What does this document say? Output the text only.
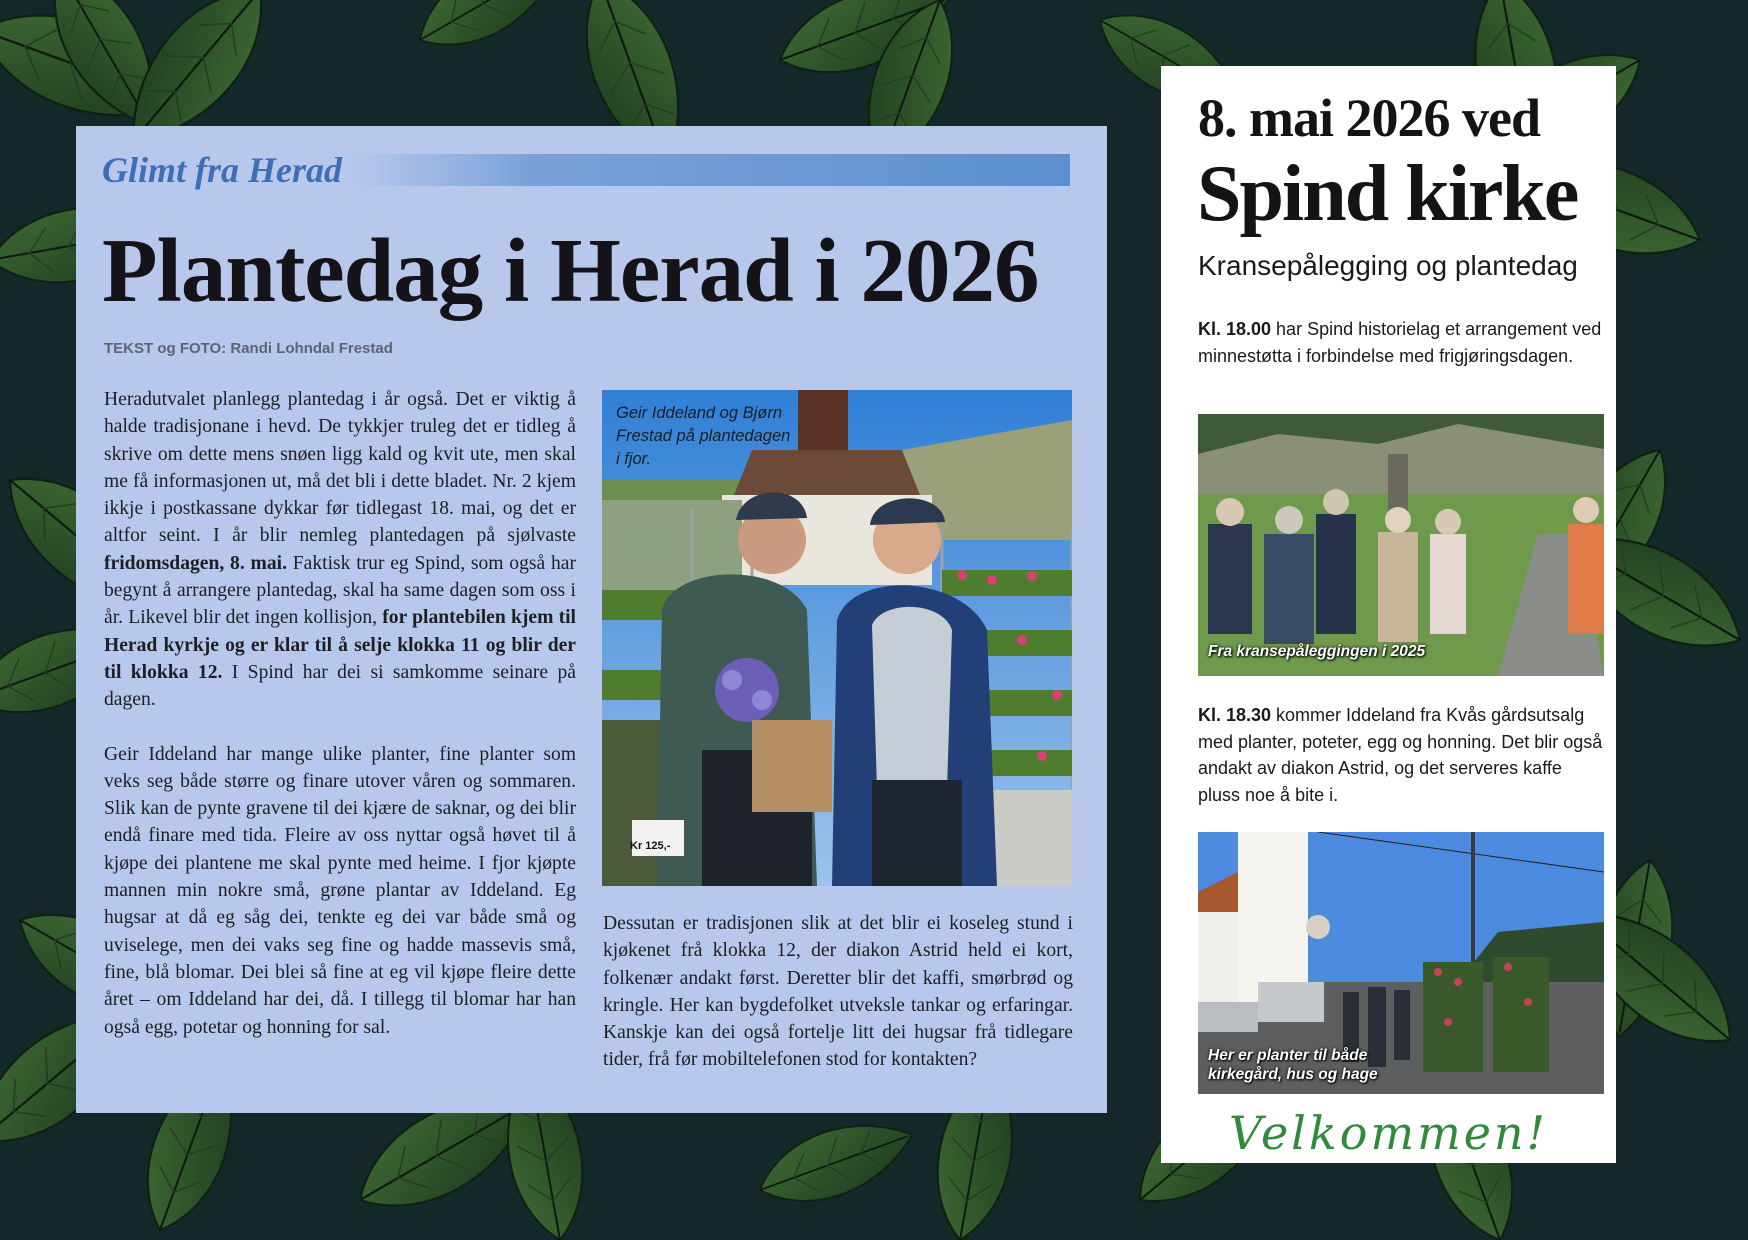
Glimt fra Herad
Plantedag i Herad i 2026
TEKST og FOTO: Randi Lohndal Frestad

Heradutvalet planlegg plantedag i år også. Det er viktig å halde tradisjonane i hevd. De tykkjer truleg det er tidleg å skrive om dette mens snøen ligg kald og kvit ute, men skal me få informasjonen ut, må det bli i dette bladet. Nr. 2 kjem ikkje i postkassane dykkar før tidlegast 18. mai, og det er altfor seint. I år blir nemleg plantedagen på sjølvaste fridomsdagen, 8. mai. Faktisk trur eg Spind, som også har begynt å arrangere plantedag, skal ha same dagen som oss i år. Likevel blir det ingen kollisjon, for plantebilen kjem til Herad kyrkje og er klar til å selje klokka 11 og blir der til klokka 12. I Spind har dei si samkomme seinare på dagen.

Geir Iddeland har mange ulike planter, fine planter som veks seg både større og finare utover våren og sommaren. Slik kan de pynte gravene til dei kjære de saknar, og dei blir endå finare med tida. Fleire av oss nyttar også høvet til å kjøpe dei plantene me skal pynte med heime. I fjor kjøpte mannen min nokre små, grøne plantar av Iddeland. Eg hugsar at då eg såg dei, tenkte eg dei var både små og uviselege, men dei vaks seg fine og hadde massevis små, fine, blå blomar. Dei blei så fine at eg vil kjøpe fleire dette året – om Iddeland har dei, då. I tillegg til blomar har han også egg, potetar og honning for sal.

Geir Iddeland og Bjørn Frestad på plantedagen i fjor.
Kr 125,-

Dessutan er tradisjonen slik at det blir ei koseleg stund i kjøkenet frå klokka 12, der diakon Astrid held ei kort, folkenær andakt først. Deretter blir det kaffi, smørbrød og kringle. Her kan bygdefolket utveksle tankar og erfaringar. Kanskje kan dei også fortelje litt dei hugsar frå tidlegare tider, frå før mobiltelefonen stod for kontakten?

8. mai 2026 ved
Spind kirke
Kransepålegging og plantedag

Kl. 18.00 har Spind historielag et arrangement ved minnestøtta i forbindelse med frigjøringsdagen.

Fra kransepåleggingen i 2025

Kl. 18.30 kommer Iddeland fra Kvås gårdsutsalg med planter, poteter, egg og honning. Det blir også andakt av diakon Astrid, og det serveres kaffe pluss noe å bite i.

Her er planter til både
kirkegård, hus og hage
Velkommen!
